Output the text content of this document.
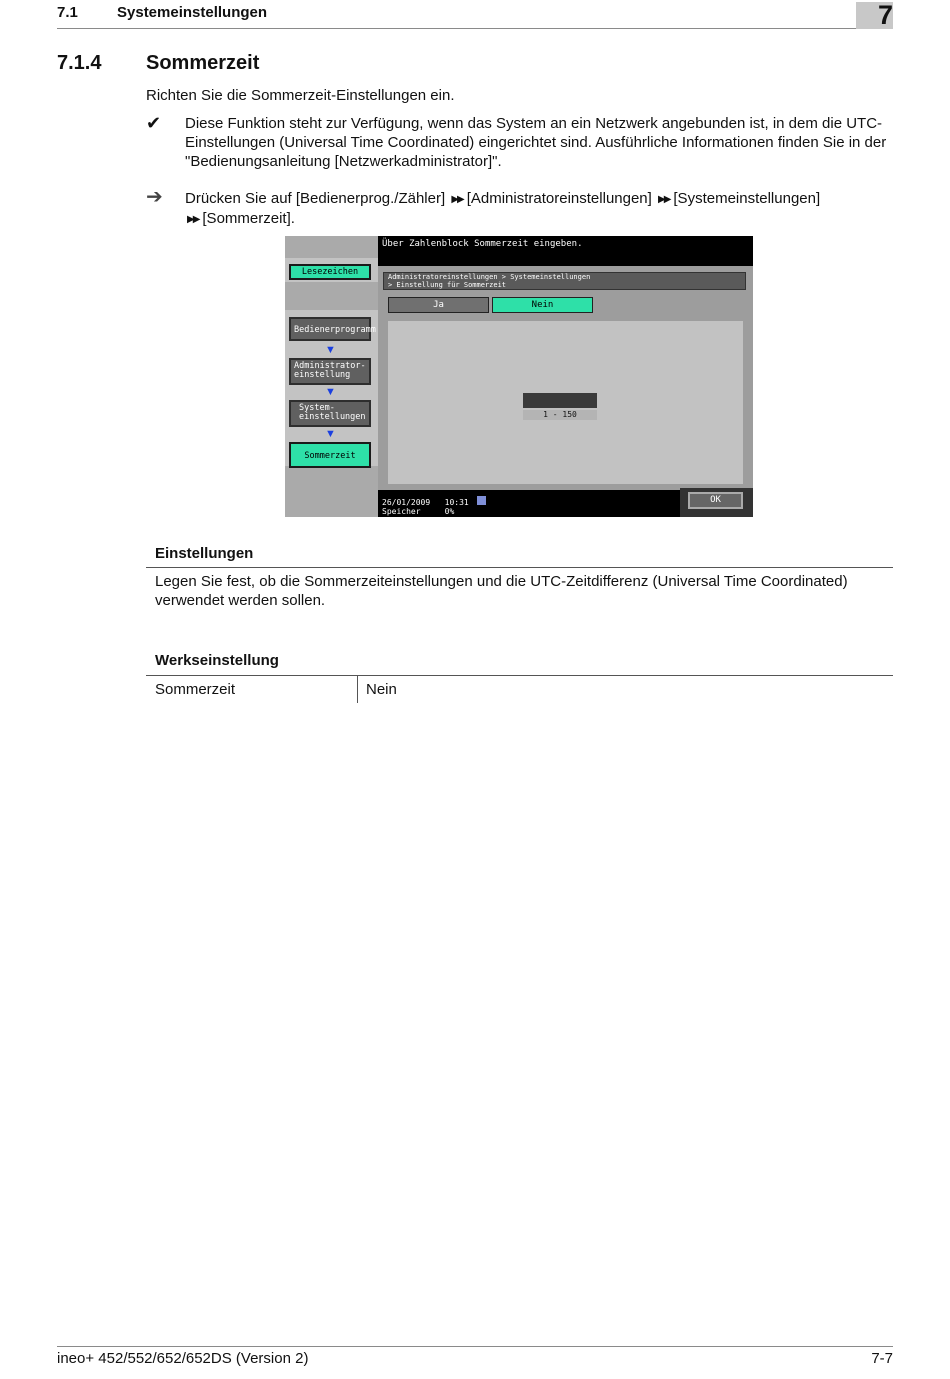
7.1	Systemeinstellungen	7
7.1.4 Sommerzeit
Richten Sie die Sommerzeit-Einstellungen ein.
✔ Diese Funktion steht zur Verfügung, wenn das System an ein Netzwerk angebunden ist, in dem die UTC-Einstellungen (Universal Time Coordinated) eingerichtet sind. Ausführliche Informationen finden Sie in der "Bedienungsanleitung [Netzwerkadministrator]".
➔ Drücken Sie auf [Bedienerprog./Zähler] ▶▶ [Administratoreinstellungen] ▶▶ [Systemeinstellungen] ▶▶ [Sommerzeit].
Lesezeichen
Bedienerprogramm
▼
Administrator-
einstellung
▼
System-
einstellungen
▼
Sommerzeit
Über Zahlenblock Sommerzeit eingeben.
Administratoreinstellungen > Systemeinstellungen
> Einstellung für Sommerzeit
Ja	Nein
1 - 150
26/01/2009 10:31
Speicher	0%
OK
Einstellungen
Legen Sie fest, ob die Sommerzeiteinstellungen und die UTC-Zeitdifferenz (Universal Time Coordinated) verwendet werden sollen.
Werkseinstellung
Sommerzeit	Nein
ineo+ 452/552/652/652DS (Version 2)	7-7
